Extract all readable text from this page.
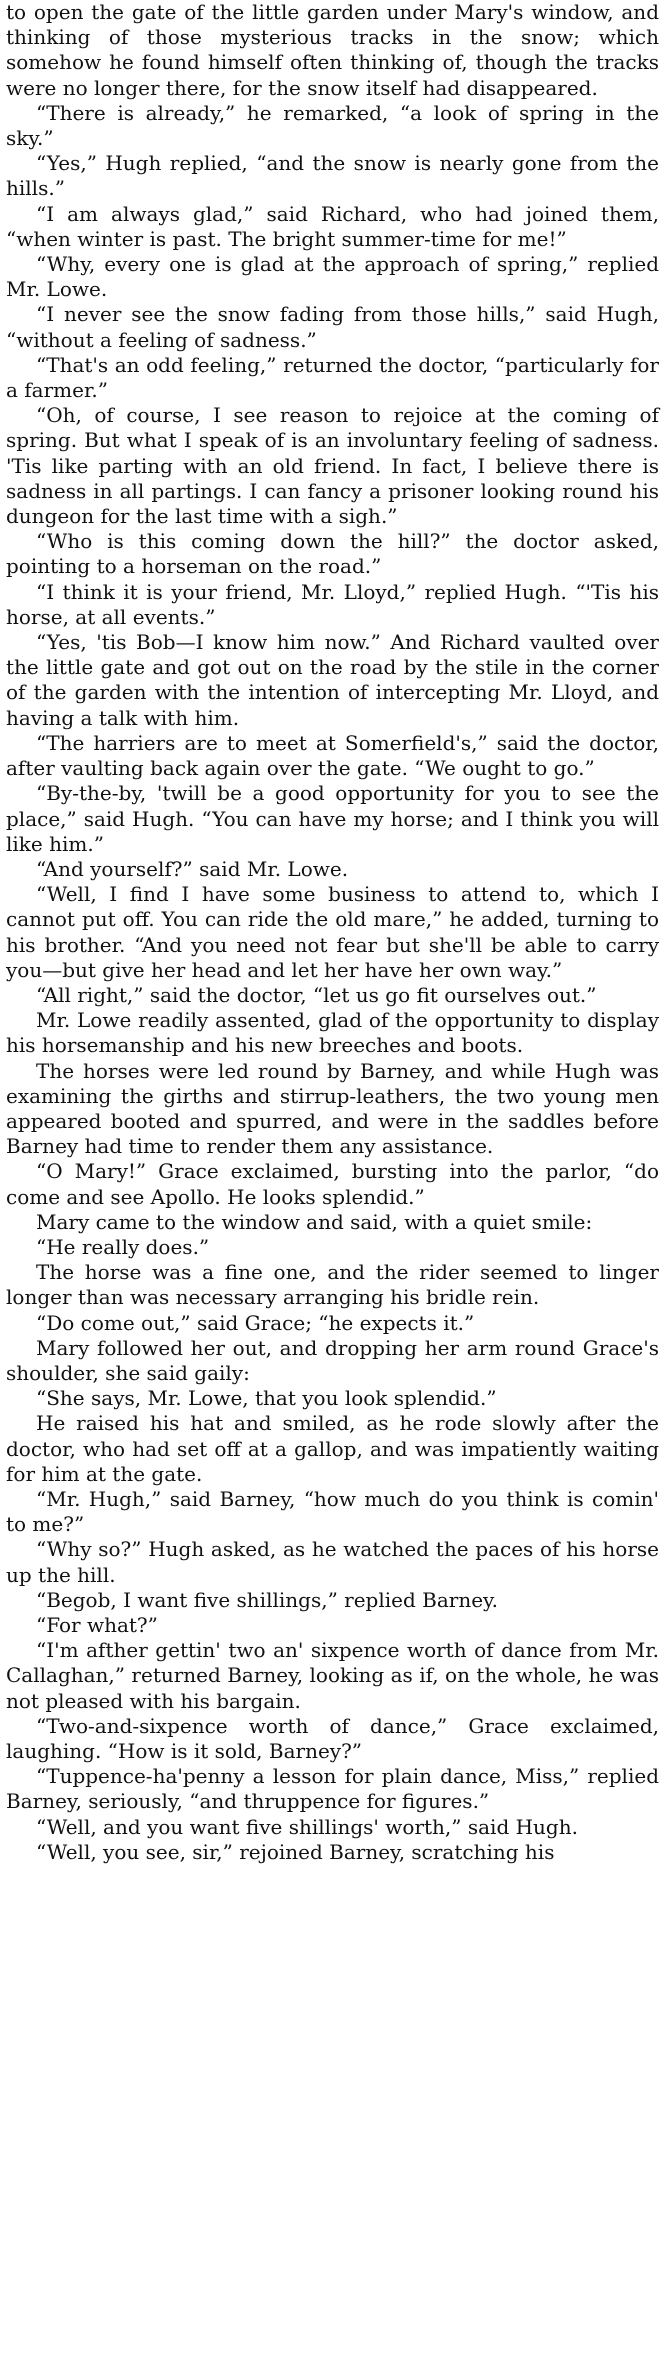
to open the gate of the little garden under Mary's window, and thinking of those mysterious tracks in the snow; which somehow he found himself often thinking of, though the tracks were no longer there, for the snow itself had disappeared.

“There is already,” he remarked, “a look of spring in the sky.”

“Yes,” Hugh replied, “and the snow is nearly gone from the hills.”

“I am always glad,” said Richard, who had joined them, “when winter is past. The bright summer-time for me!”

“Why, every one is glad at the approach of spring,” replied Mr. Lowe.

“I never see the snow fading from those hills,” said Hugh, “without a feeling of sadness.”

“That's an odd feeling,” returned the doctor, “particularly for a farmer.”

“Oh, of course, I see reason to rejoice at the coming of spring. But what I speak of is an involuntary feeling of sadness. 'Tis like parting with an old friend. In fact, I believe there is sadness in all partings. I can fancy a prisoner looking round his dungeon for the last time with a sigh.”

“Who is this coming down the hill?” the doctor asked, pointing to a horseman on the road.”

“I think it is your friend, Mr. Lloyd,” replied Hugh. “'Tis his horse, at all events.”

“Yes, 'tis Bob—I know him now.” And Richard vaulted over the little gate and got out on the road by the stile in the corner of the garden with the intention of intercepting Mr. Lloyd, and having a talk with him.

“The harriers are to meet at Somerfield's,” said the doctor, after vaulting back again over the gate. “We ought to go.”

“By-the-by, 'twill be a good opportunity for you to see the place,” said Hugh. “You can have my horse; and I think you will like him.”

“And yourself?” said Mr. Lowe.

“Well, I find I have some business to attend to, which I cannot put off. You can ride the old mare,” he added, turning to his brother. “And you need not fear but she'll be able to carry you—but give her head and let her have her own way.”

“All right,” said the doctor, “let us go fit ourselves out.”

Mr. Lowe readily assented, glad of the opportunity to display his horsemanship and his new breeches and boots.

The horses were led round by Barney, and while Hugh was examining the girths and stirrup-leathers, the two young men appeared booted and spurred, and were in the saddles before Barney had time to render them any assistance.

“O Mary!” Grace exclaimed, bursting into the parlor, “do come and see Apollo. He looks splendid.”

Mary came to the window and said, with a quiet smile:

“He really does.”

The horse was a fine one, and the rider seemed to linger longer than was necessary arranging his bridle rein.

“Do come out,” said Grace; “he expects it.”

Mary followed her out, and dropping her arm round Grace's shoulder, she said gaily:

“She says, Mr. Lowe, that you look splendid.”

He raised his hat and smiled, as he rode slowly after the doctor, who had set off at a gallop, and was impatiently waiting for him at the gate.

“Mr. Hugh,” said Barney, “how much do you think is comin' to me?”

“Why so?” Hugh asked, as he watched the paces of his horse up the hill.

“Begob, I want five shillings,” replied Barney.

“For what?”

“I'm afther gettin' two an' sixpence worth of dance from Mr. Callaghan,” returned Barney, looking as if, on the whole, he was not pleased with his bargain.

“Two-and-sixpence worth of dance,” Grace exclaimed, laughing. “How is it sold, Barney?”

“Tuppence-ha'penny a lesson for plain dance, Miss,” replied Barney, seriously, “and thruppence for figures.”

“Well, and you want five shillings' worth,” said Hugh.

“Well, you see, sir,” rejoined Barney, scratching his
